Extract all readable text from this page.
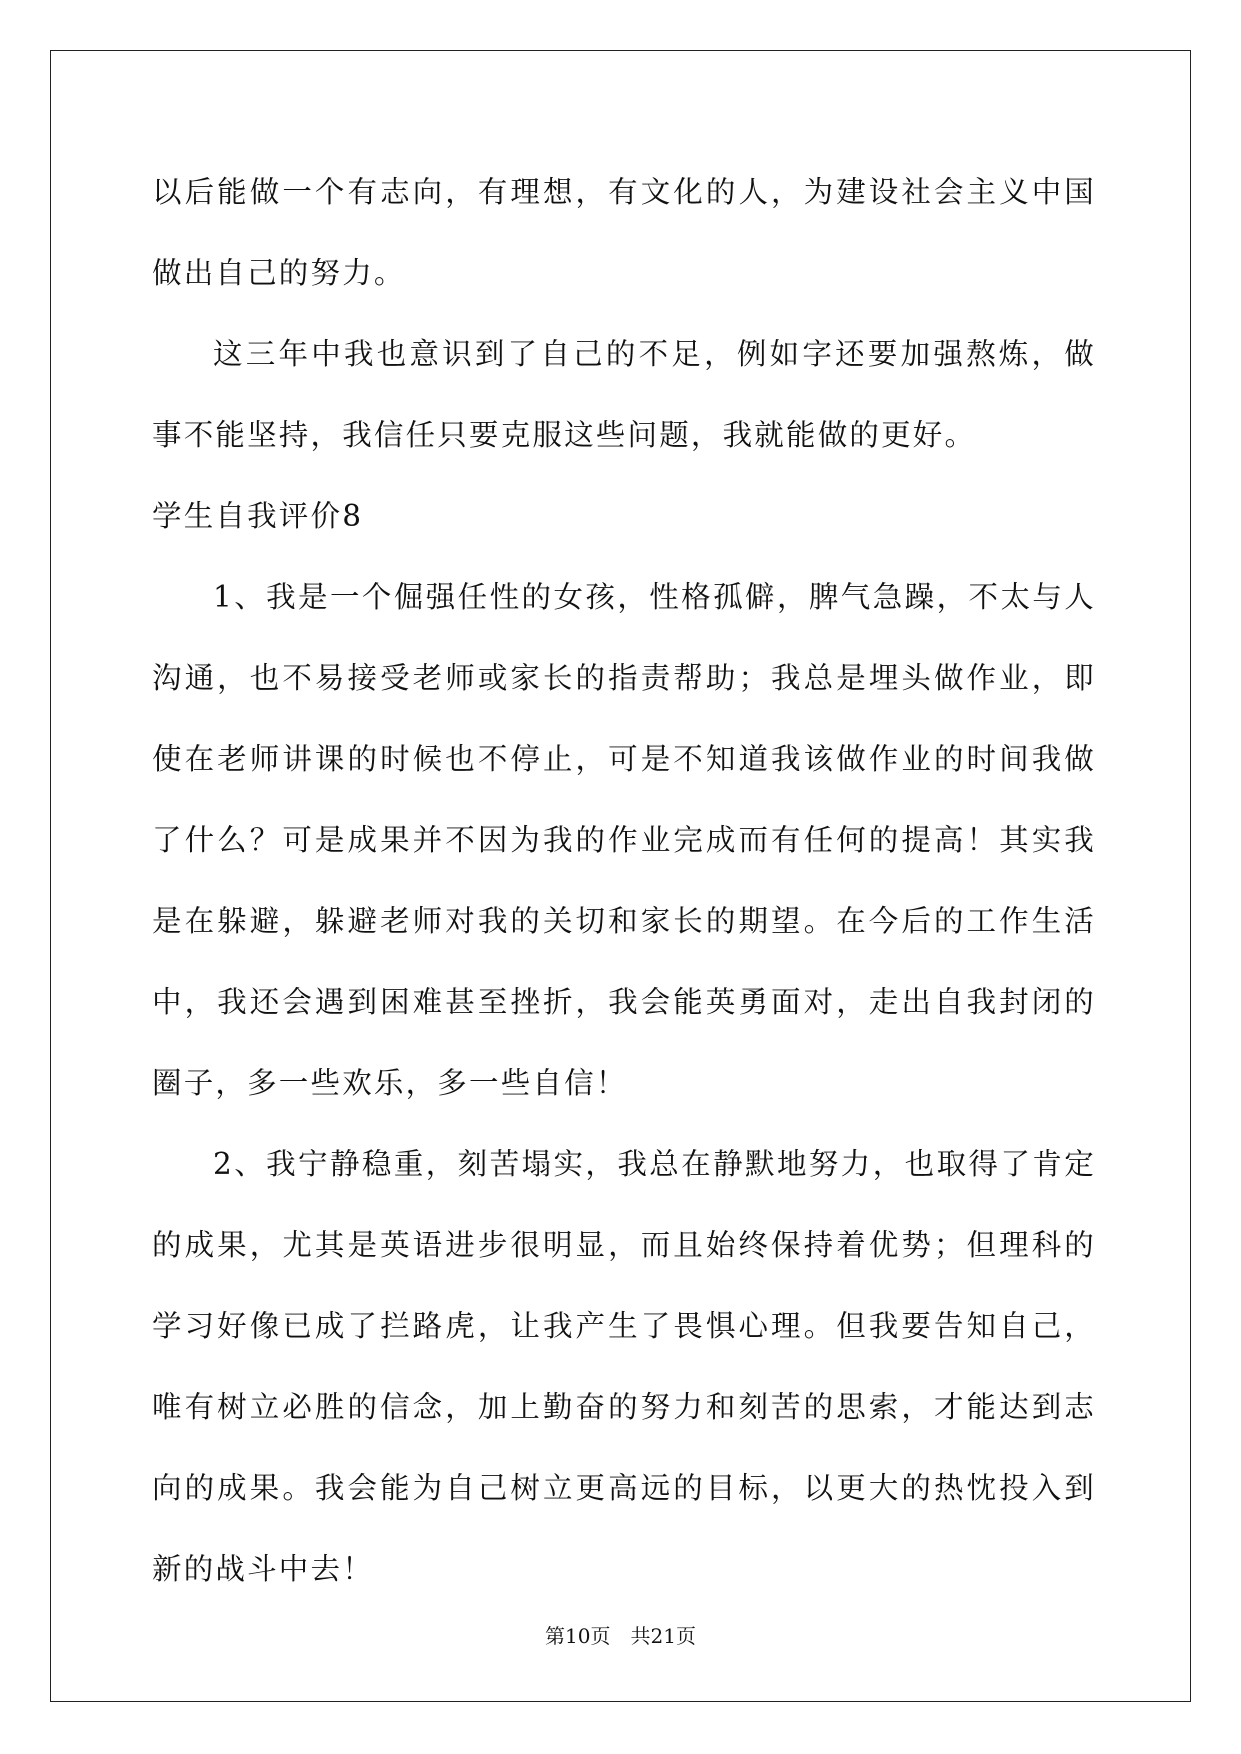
以后能做一个有志向，有理想，有文化的人，为建设社会主义中国做出自己的努力。

这三年中我也意识到了自己的不足，例如字还要加强熬炼，做事不能坚持，我信任只要克服这些问题，我就能做的更好。

学生自我评价8

1、我是一个倔强任性的女孩，性格孤僻，脾气急躁，不太与人沟通，也不易接受老师或家长的指责帮助；我总是埋头做作业，即使在老师讲课的时候也不停止，可是不知道我该做作业的时间我做了什么？可是成果并不因为我的作业完成而有任何的提高！其实我是在躲避，躲避老师对我的关切和家长的期望。在今后的工作生活中，我还会遇到困难甚至挫折，我会能英勇面对，走出自我封闭的圈子，多一些欢乐，多一些自信！

2、我宁静稳重，刻苦塌实，我总在静默地努力，也取得了肯定的成果，尤其是英语进步很明显，而且始终保持着优势；但理科的学习好像已成了拦路虎，让我产生了畏惧心理。但我要告知自己，唯有树立必胜的信念，加上勤奋的努力和刻苦的思索，才能达到志向的成果。我会能为自己树立更高远的目标，以更大的热忱投入到新的战斗中去！

第10页　共21页
